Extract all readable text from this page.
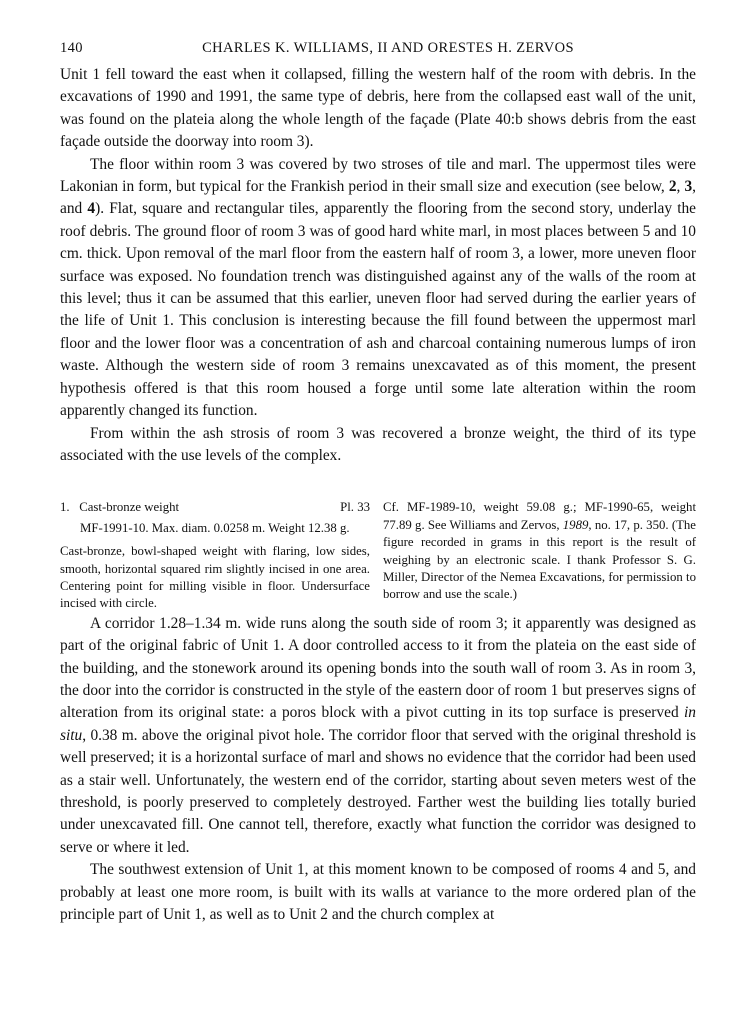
140	CHARLES K. WILLIAMS, II AND ORESTES H. ZERVOS

Unit 1 fell toward the east when it collapsed, filling the western half of the room with debris. In the excavations of 1990 and 1991, the same type of debris, here from the collapsed east wall of the unit, was found on the plateia along the whole length of the façade (Plate 40:b shows debris from the east façade outside the doorway into room 3).

The floor within room 3 was covered by two stroses of tile and marl. The uppermost tiles were Lakonian in form, but typical for the Frankish period in their small size and execution (see below, 2, 3, and 4). Flat, square and rectangular tiles, apparently the flooring from the second story, underlay the roof debris. The ground floor of room 3 was of good hard white marl, in most places between 5 and 10 cm. thick. Upon removal of the marl floor from the eastern half of room 3, a lower, more uneven floor surface was exposed. No foundation trench was distinguished against any of the walls of the room at this level; thus it can be assumed that this earlier, uneven floor had served during the earlier years of the life of Unit 1. This conclusion is interesting because the fill found between the uppermost marl floor and the lower floor was a concentration of ash and charcoal containing numerous lumps of iron waste. Although the western side of room 3 remains unexcavated as of this moment, the present hypothesis offered is that this room housed a forge until some late alteration within the room apparently changed its function.

From within the ash strosis of room 3 was recovered a bronze weight, the third of its type associated with the use levels of the complex.

1. Cast-bronze weight	Pl. 33
MF-1991-10. Max. diam. 0.0258 m. Weight 12.38 g.
Cast-bronze, bowl-shaped weight with flaring, low sides, smooth, horizontal squared rim slightly incised in one area. Centering point for milling visible in floor. Undersurface incised with circle.
Cf. MF-1989-10, weight 59.08 g.; MF-1990-65, weight 77.89 g. See Williams and Zervos, 1989, no. 17, p. 350. (The figure recorded in grams in this report is the result of weighing by an electronic scale. I thank Professor S. G. Miller, Director of the Nemea Excavations, for permission to borrow and use the scale.)

A corridor 1.28–1.34 m. wide runs along the south side of room 3; it apparently was designed as part of the original fabric of Unit 1. A door controlled access to it from the plateia on the east side of the building, and the stonework around its opening bonds into the south wall of room 3. As in room 3, the door into the corridor is constructed in the style of the eastern door of room 1 but preserves signs of alteration from its original state: a poros block with a pivot cutting in its top surface is preserved in situ, 0.38 m. above the original pivot hole. The corridor floor that served with the original threshold is well preserved; it is a horizontal surface of marl and shows no evidence that the corridor had been used as a stair well. Unfortunately, the western end of the corridor, starting about seven meters west of the threshold, is poorly preserved to completely destroyed. Farther west the building lies totally buried under unexcavated fill. One cannot tell, therefore, exactly what function the corridor was designed to serve or where it led.

The southwest extension of Unit 1, at this moment known to be composed of rooms 4 and 5, and probably at least one more room, is built with its walls at variance to the more ordered plan of the principle part of Unit 1, as well as to Unit 2 and the church complex at
